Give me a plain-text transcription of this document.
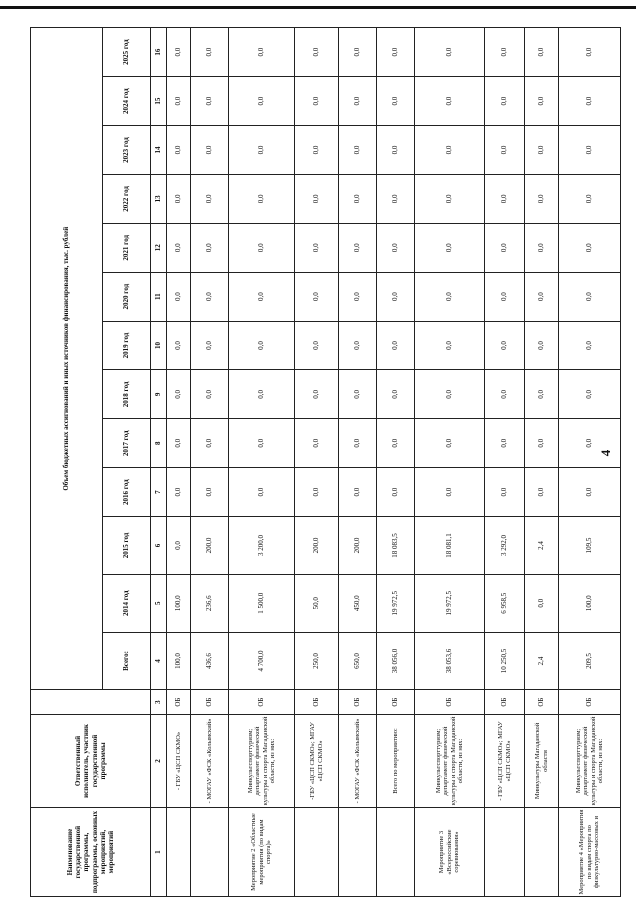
4
Наименование государственной программы, подпрограммы, основных мероприятий, мероприятий	Ответственный исполнитель, участник государственной программы		Объем бюджетных ассигнований и иных источников финансирования, тыс. рублей												
			Всего:	2014 год	2015 год	2016 год	2017 год	2018 год	2019 год	2020 год	2021 год	2022 год	2023 год	2024 год	2025 год
1	2	3	4	5	6	7	8	9	10	11	12	13	14	15	16
	- ГБУ «ЦСП СКМО»	ОБ	100,0	100,0	0,0	0,0	0,0	0,0	0,0	0,0	0,0	0,0	0,0	0,0	0,0
	- МОГАУ «ФСК «Колымский»	ОБ	436,6	236,6	200,0	0,0	0,0	0,0	0,0	0,0	0,0	0,0	0,0	0,0	0,0
Мероприятие 2 «Областные мероприятия (по видам спорта)»	Минкультспорттуризм; департамент физической культуры и спорта Магаданской области, из них:	ОБ	4 700,0	1 500,0	3 200,0	0,0	0,0	0,0	0,0	0,0	0,0	0,0	0,0	0,0	0,0
	-ГБУ «ЦСП СКМО»; МГАУ «ЦСП СКМО»	ОБ	250,0	50,0	200,0	0,0	0,0	0,0	0,0	0,0	0,0	0,0	0,0	0,0	0,0
	- МОГАУ «ФСК «Колымский»	ОБ	650,0	450,0	200,0	0,0	0,0	0,0	0,0	0,0	0,0	0,0	0,0	0,0	0,0
	Всего по мероприятию:	ОБ	38 056,0	19 972,5	18 083,5	0,0	0,0	0,0	0,0	0,0	0,0	0,0	0,0	0,0	0,0
Мероприятие 3 «Всероссийские соревнования»	Минкультспорттуризм; департамент физической культуры и спорта Магаданской области, из них:	ОБ	38 053,6	19 972,5	18 081,1	0,0	0,0	0,0	0,0	0,0	0,0	0,0	0,0	0,0	0,0
	- ГБУ «ЦСП СКМО»; МГАУ «ЦСП СКМО»	ОБ	10 250,5	6 958,5	3 292,0	0,0	0,0	0,0	0,0	0,0	0,0	0,0	0,0	0,0	0,0
	Минкультуры Магаданской области	ОБ	2,4	0,0	2,4	0,0	0,0	0,0	0,0	0,0	0,0	0,0	0,0	0,0	0,0
Мероприятие 4 «Мероприятия по видам спорта по физкультурно-массовых и	Минкультспорттуризм; департамент физической культуры и спорта Магаданской области, из них:	ОБ	209,5	100,0	109,5	0,0	0,0	0,0	0,0	0,0	0,0	0,0	0,0	0,0	0,0
